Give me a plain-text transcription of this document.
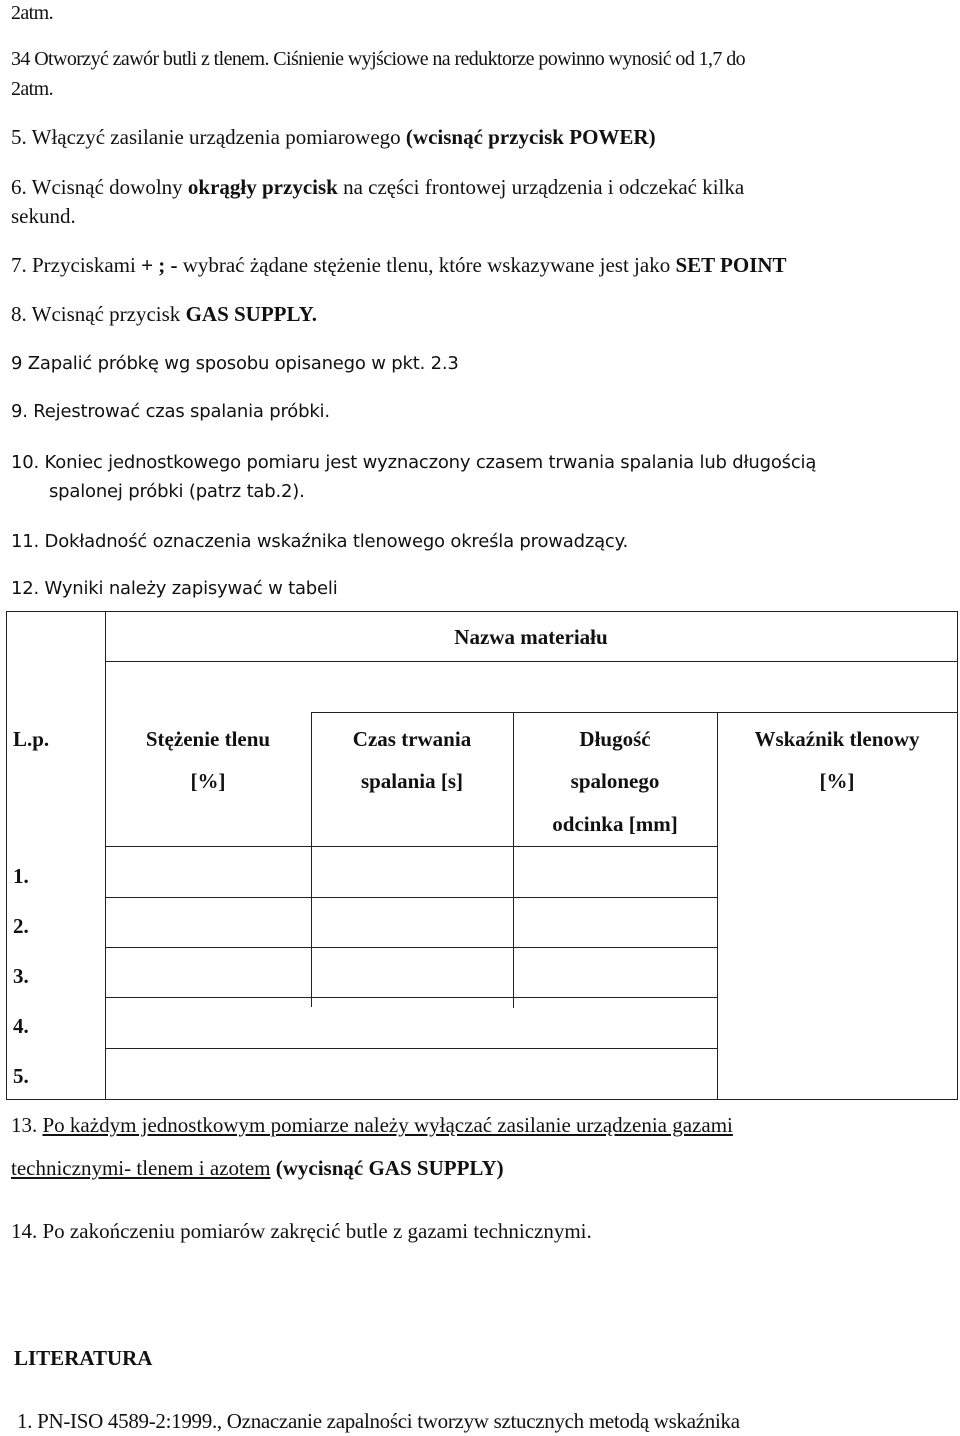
2atm.
34 Otworzyć zawór butli z tlenem. Ciśnienie wyjściowe na reduktorze powinno wynosić od 1,7 do
2atm.
5. Włączyć zasilanie urządzenia pomiarowego (wcisnąć przycisk POWER)
6. Wcisnąć dowolny okrągły przycisk na części frontowej urządzenia i odczekać kilka
sekund.
7. Przyciskami + ; - wybrać żądane stężenie tlenu, które wskazywane jest jako SET POINT
8. Wcisnąć przycisk GAS SUPPLY.
9 Zapalić próbkę wg sposobu opisanego w pkt. 2.3
9. Rejestrować czas spalania próbki.
10. Koniec jednostkowego pomiaru jest wyznaczony czasem trwania spalania lub długością
spalonej próbki (patrz tab.2).
11. Dokładność oznaczenia wskaźnika tlenowego określa prowadzący.
12. Wyniki należy zapisywać w tabeli
Nazwa materiału
L.p.	Stężenie tlenu
[%]
Czas trwania
spalania [s]
Długość
spalonego
odcinka [mm]
Wskaźnik tlenowy
[%]
1.
2.
3.
4.
5.
13. Po każdym jednostkowym pomiarze należy wyłączać zasilanie urządzenia gazami
technicznymi- tlenem i azotem (wycisnąć GAS SUPPLY)
14. Po zakończeniu pomiarów zakręcić butle z gazami technicznymi.
LITERATURA
1. PN-ISO 4589-2:1999., Oznaczanie zapalności tworzyw sztucznych metodą wskaźnika
